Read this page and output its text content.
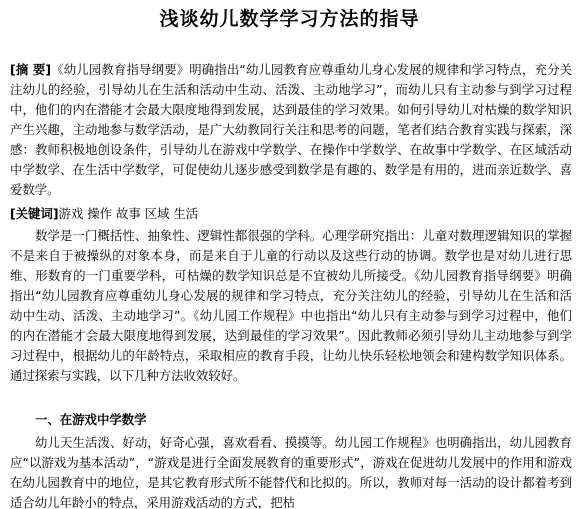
浅谈幼儿数学学习方法的指导
[摘 要]《幼儿园教育指导纲要》明确指出“幼儿园教育应尊重幼儿身心发展的规律和学习特点，充分关注幼儿的经验，引导幼儿在生活和活动中生动、活泼、主动地学习”，而幼儿只有主动参与到学习过程中，他们的内在潜能才会最大限度地得到发展，达到最佳的学习效果。如何引导幼儿对枯燥的数学知识产生兴趣，主动地参与数学活动，是广大幼教同行关注和思考的问题，笔者们结合教育实践与探索，深感：教师积极地创设条件，引导幼儿在游戏中学数学、在操作中学数学、在故事中学数学、在区域活动中学数学、在生活中学数学，可促使幼儿逐步感受到数学是有趣的、数学是有用的，进而亲近数学、喜爱数学。
[关键词]游戏 操作 故事 区域 生活
数学是一门概括性、抽象性、逻辑性都很强的学科。心理学研究指出：儿童对数理逻辑知识的掌握不是来自于被操纵的对象本身，而是来自于儿童的行动以及这些行动的协调。数学也是对幼儿进行思维、形数育的一门重要学科，可枯燥的数学知识总是不宜被幼儿所接受。《幼儿园教育指导纲要》明确指出“幼儿园教育应尊重幼儿身心发展的规律和学习特点，充分关注幼儿的经验，引导幼儿在生活和活动中生动、活泼、主动地学习”。《幼儿园工作规程》中也指出“幼儿只有主动参与到学习过程中，他们的内在潜能才会最大限度地得到发展，达到最佳的学习效果”。因此教师必须引导幼儿主动地参与到学习过程中，根据幼儿的年龄特点，采取相应的教育手段，让幼儿快乐轻松地领会和建构数学知识体系。通过探索与实践，以下几种方法收效较好。
一、在游戏中学数学
幼儿天生活泼、好动，好奇心强，喜欢看看、摸摸等。幼儿园工作规程》也明确指出，幼儿园教育应“以游戏为基本活动”，“游戏是进行全面发展教育的重要形式”，游戏在促进幼儿发展中的作用和游戏在幼儿园教育中的地位，是其它教育形式所不能替代和比拟的。所以，教师对每一活动的设计都着考到适合幼儿年龄小的特点，采用游戏活动的方式，把枯
